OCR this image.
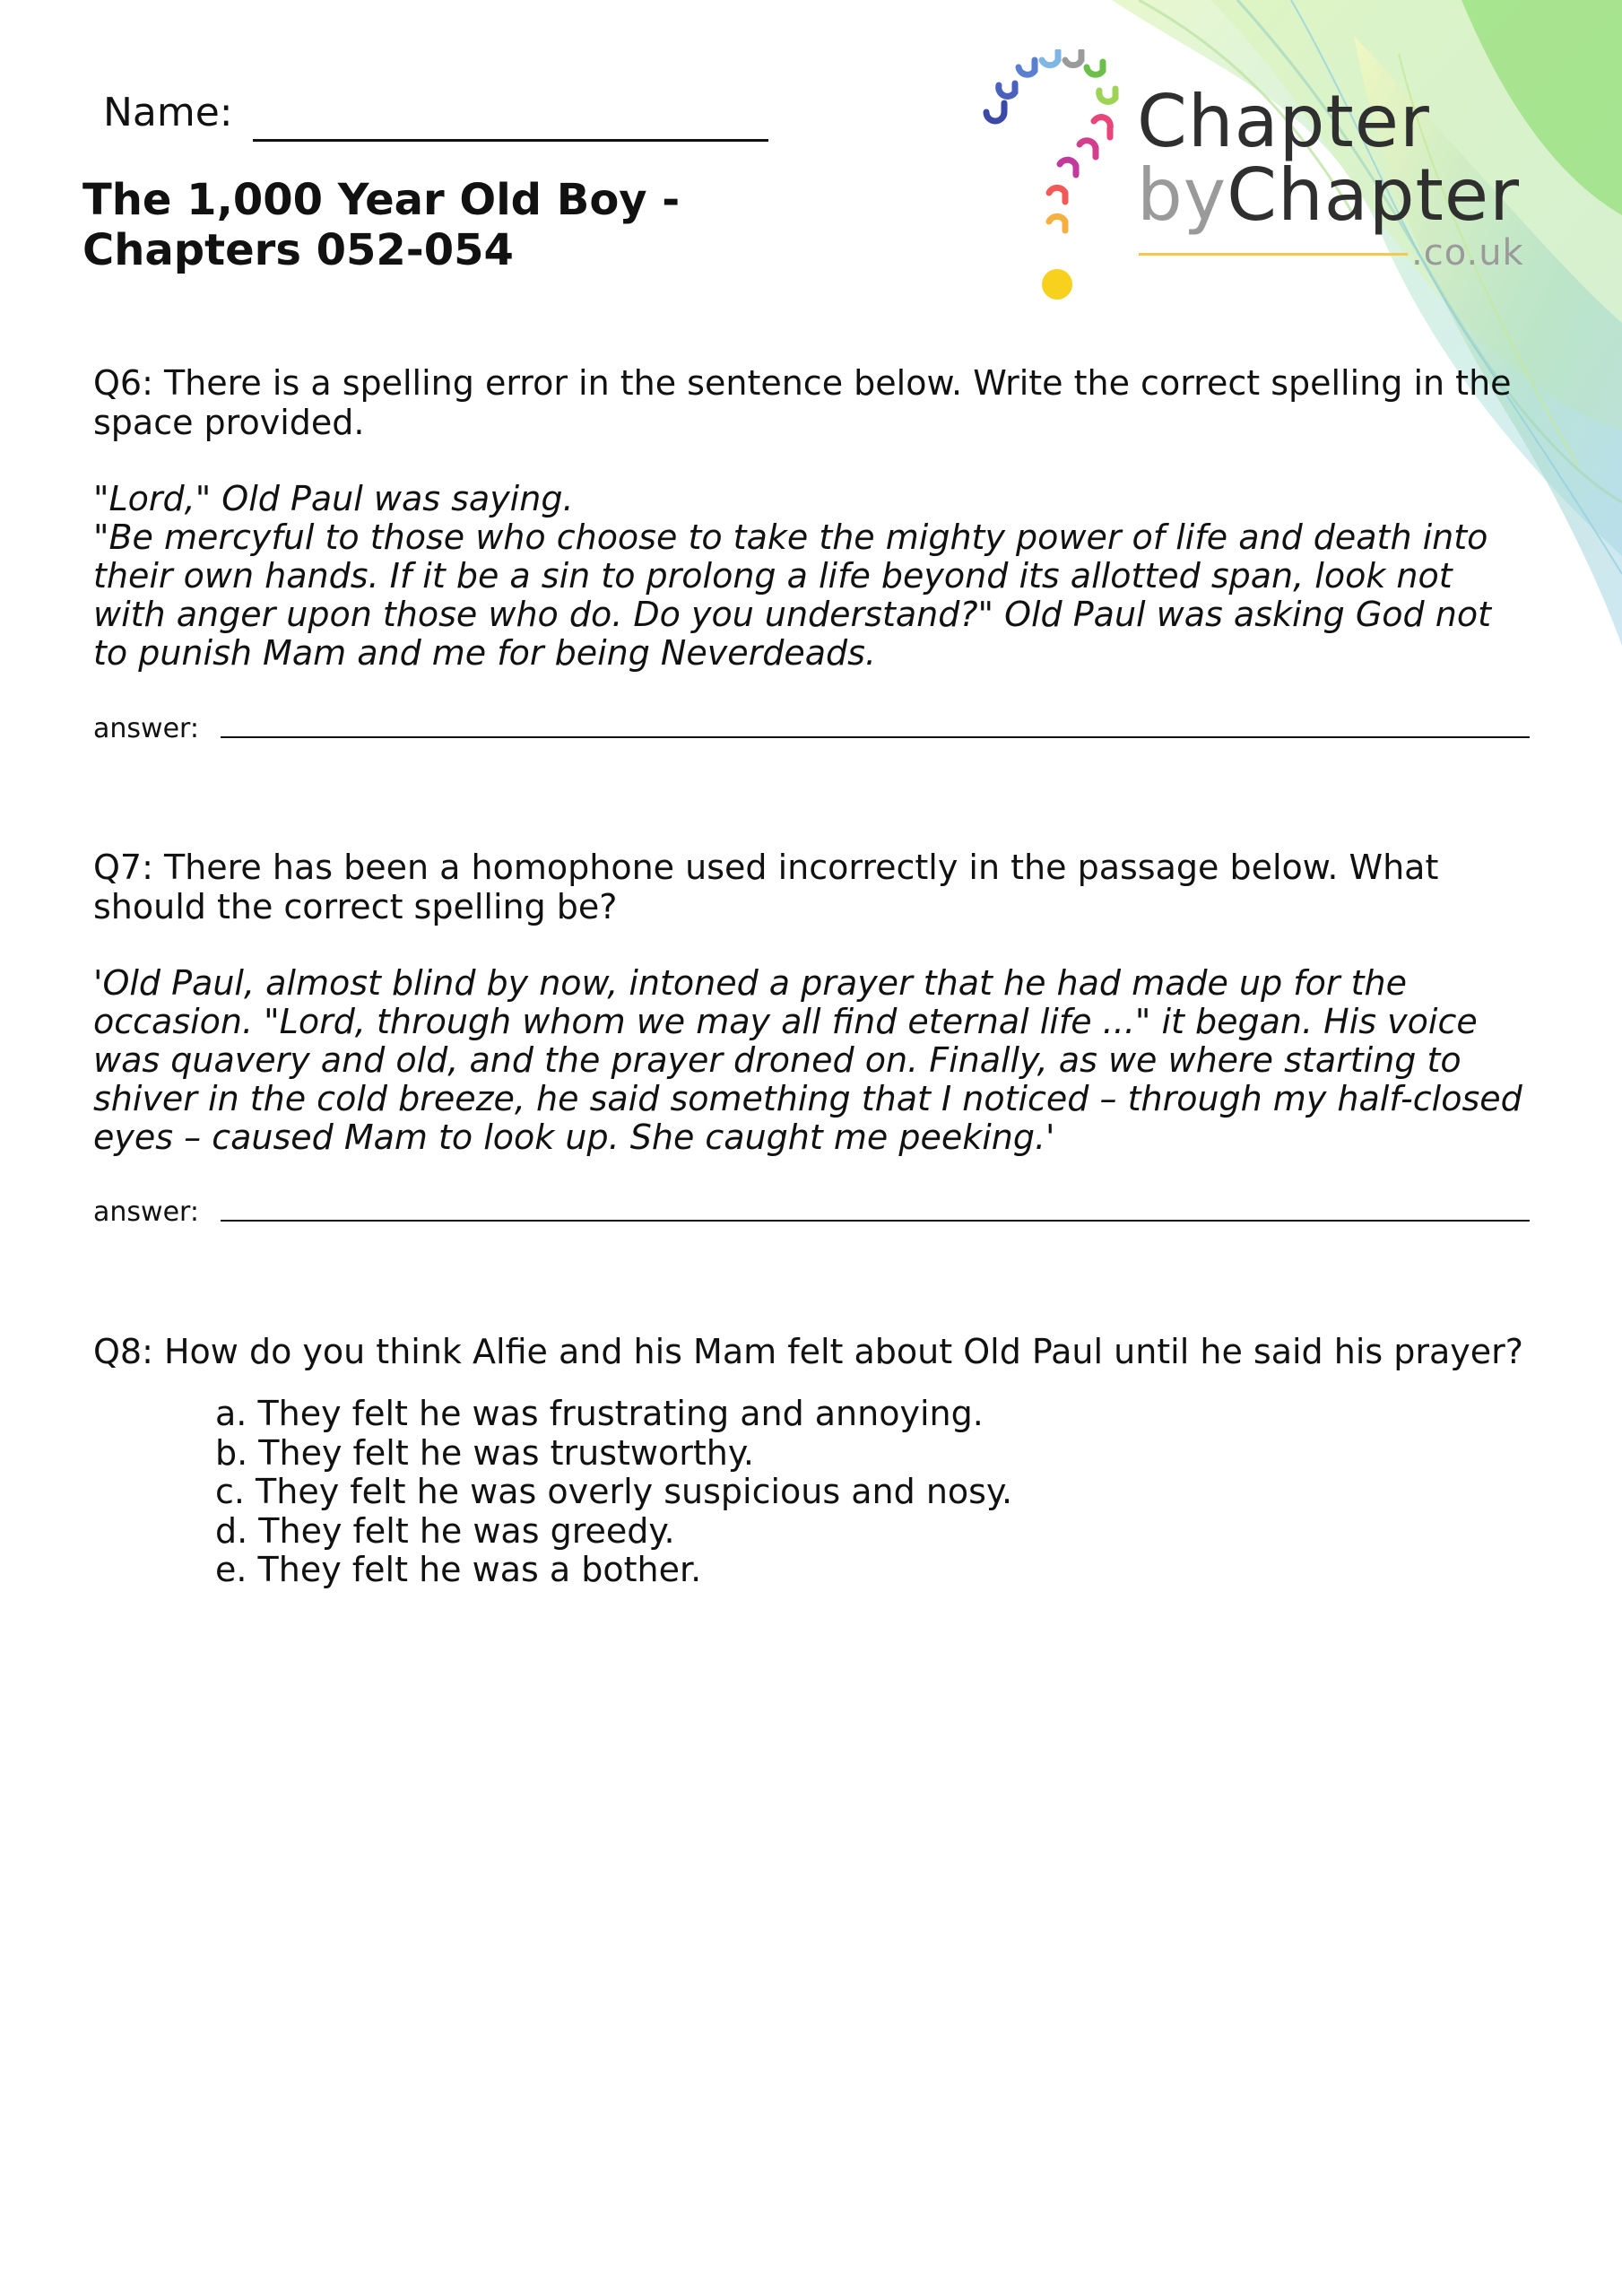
Chapter
byChapter
.co.uk
Name:
The 1,000 Year Old Boy - Chapters 052-054

Q6: There is a spelling error in the sentence below. Write the correct spelling in the space provided.

"Lord," Old Paul was saying.

"Be mercyful to those who choose to take the mighty power of life and death into their own hands. If it be a sin to prolong a life beyond its allotted span, look not with anger upon those who do. Do you understand?" Old Paul was asking God not to punish Mam and me for being Neverdeads.

answer:

Q7: There has been a homophone used incorrectly in the passage below. What should the correct spelling be?

'Old Paul, almost blind by now, intoned a prayer that he had made up for the occasion. "Lord, through whom we may all find eternal life ..." it began. His voice was quavery and old, and the prayer droned on. Finally, as we where starting to shiver in the cold breeze, he said something that I noticed – through my half-closed eyes – caused Mam to look up. She caught me peeking.'

answer:

Q8: How do you think Alfie and his Mam felt about Old Paul until he said his prayer?

a. They felt he was frustrating and annoying.
b. They felt he was trustworthy.
c. They felt he was overly suspicious and nosy.
d. They felt he was greedy.
e. They felt he was a bother.
